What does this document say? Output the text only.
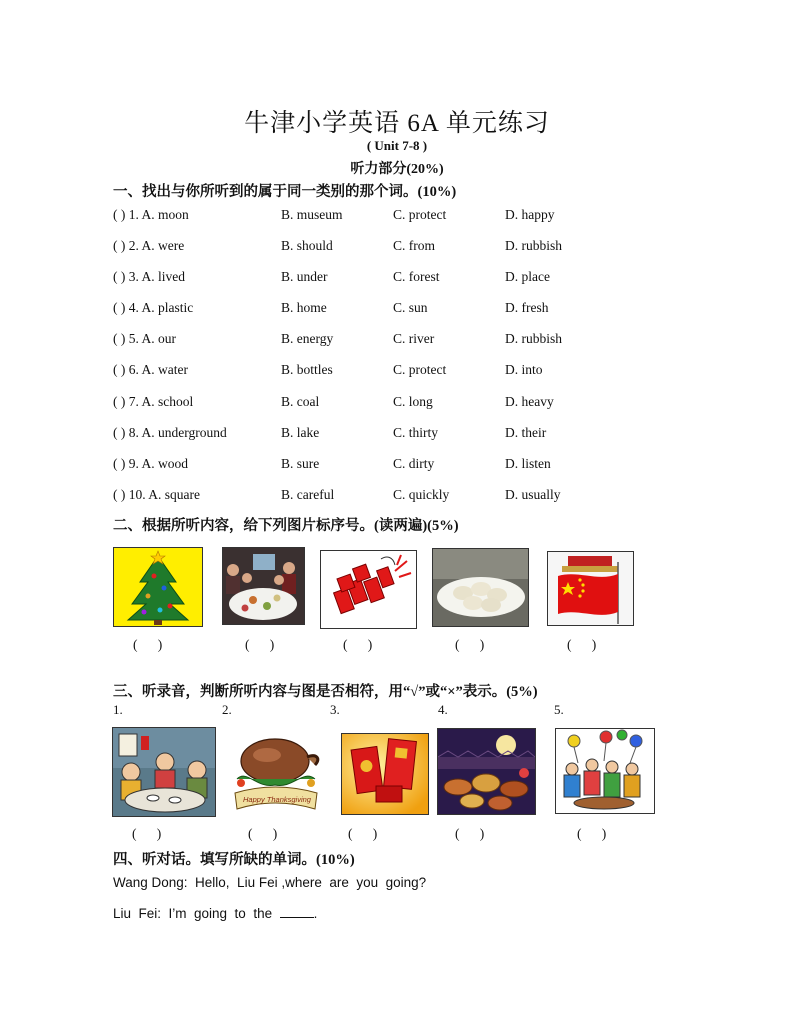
牛津小学英语 6A 单元练习
( Unit 7-8 )
听力部分(20%)
一、找出与你所听到的属于同一类别的那个词。(10%)
( ) 1. A. moon	B. museum	C. protect	D. happy
( ) 2. A. were	B. should	C. from	D. rubbish
( ) 3. A. lived	B. under	C. forest	D. place
( ) 4. A. plastic	B. home	C. sun	D. fresh
( ) 5. A. our	B. energy	C. river	D. rubbish
( ) 6. A. water	B. bottles	C. protect	D. into
( ) 7. A. school	B. coal	C. long	D. heavy
( ) 8. A. underground	B. lake	C. thirty	D. their
( ) 9. A. wood	B. sure	C. dirty	D. listen
( ) 10. A. square	B. careful	C. quickly	D. usually
二、根据所听内容，给下列图片标序号。(读两遍)(5%)
(      )	(      )	(      )	(      )	(      )
三、听录音，判断所听内容与图是否相符，用“√”或“×”表示。(5%)
1.	2.	3.	4.	5.
Happy Thanksgiving
(      )	(      )	(      )	(      )	(      )
四、听对话。填写所缺的单词。(10%)
Wang Dong:  Hello,  Liu Fei ,where  are  you  going?
Liu  Fei:  I’m  going  to  the	.
